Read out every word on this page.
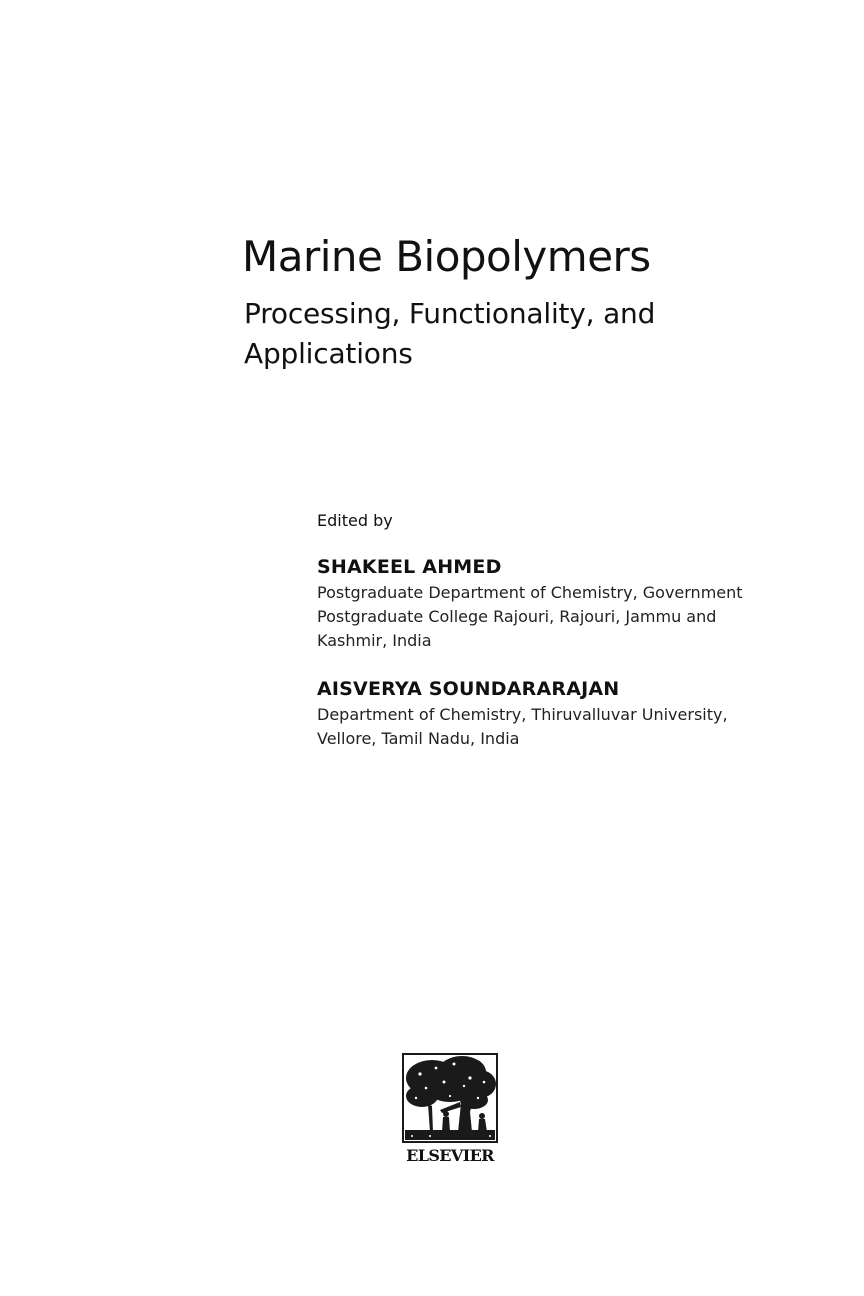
Marine Biopolymers
Processing, Functionality, and Applications
Edited by
SHAKEEL AHMED
Postgraduate Department of Chemistry, Government Postgraduate College Rajouri, Rajouri, Jammu and Kashmir, India
AISVERYA SOUNDARARAJAN
Department of Chemistry, Thiruvalluvar University, Vellore, Tamil Nadu, India
ELSEVIER
